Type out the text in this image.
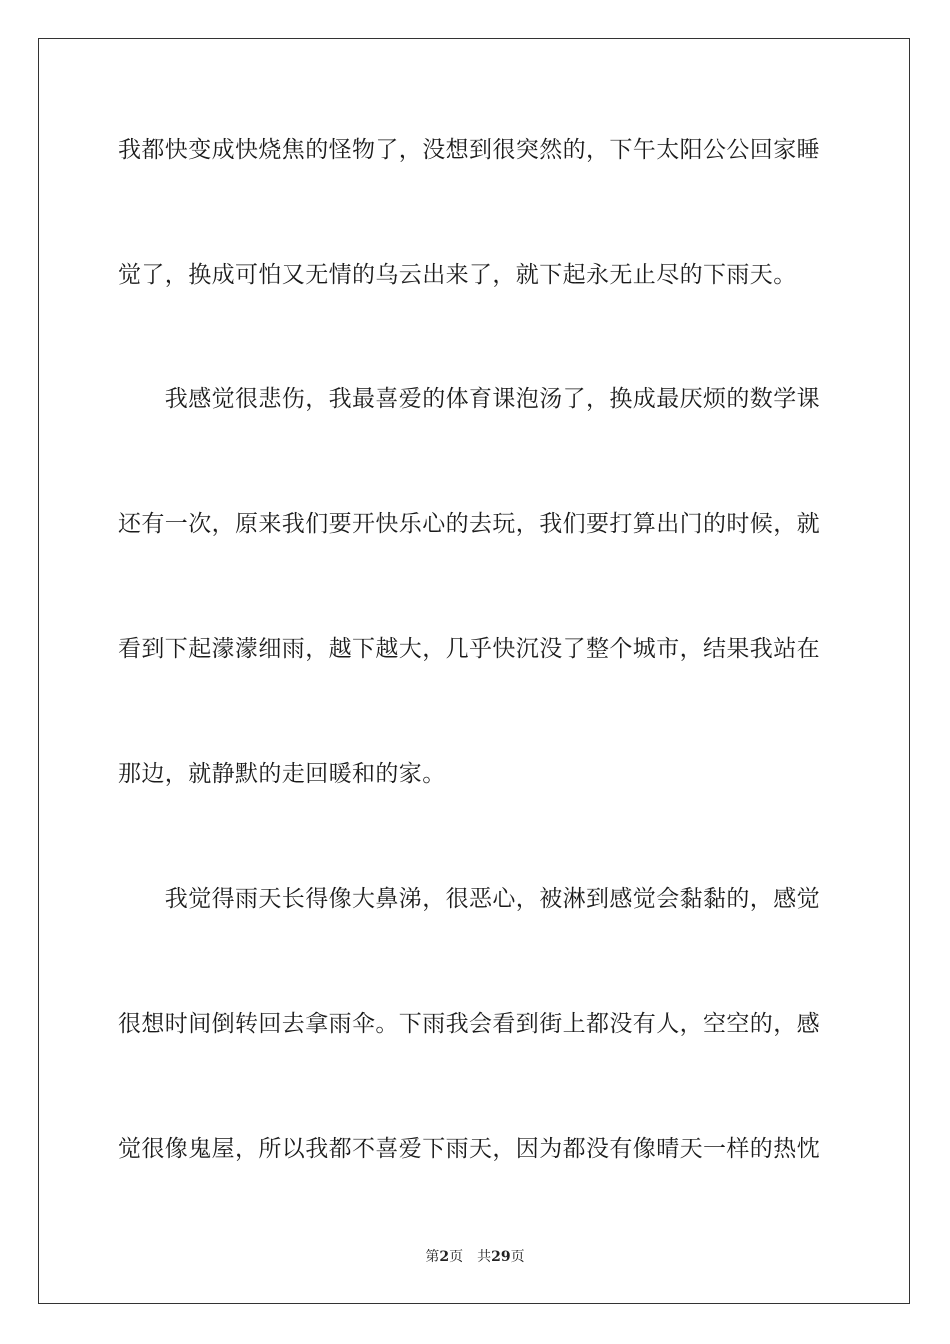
我都快变成快烧焦的怪物了，没想到很突然的，下午太阳公公回家睡
觉了，换成可怕又无情的乌云出来了，就下起永无止尽的下雨天。
　　我感觉很悲伤，我最喜爱的体育课泡汤了，换成最厌烦的数学课
还有一次，原来我们要开快乐心的去玩，我们要打算出门的时候，就
看到下起濛濛细雨，越下越大，几乎快沉没了整个城市，结果我站在
那边，就静默的走回暖和的家。
　　我觉得雨天长得像大鼻涕，很恶心，被淋到感觉会黏黏的，感觉
很想时间倒转回去拿雨伞。下雨我会看到街上都没有人，空空的，感
觉很像鬼屋，所以我都不喜爱下雨天，因为都没有像晴天一样的热忱
第2页 共29页
